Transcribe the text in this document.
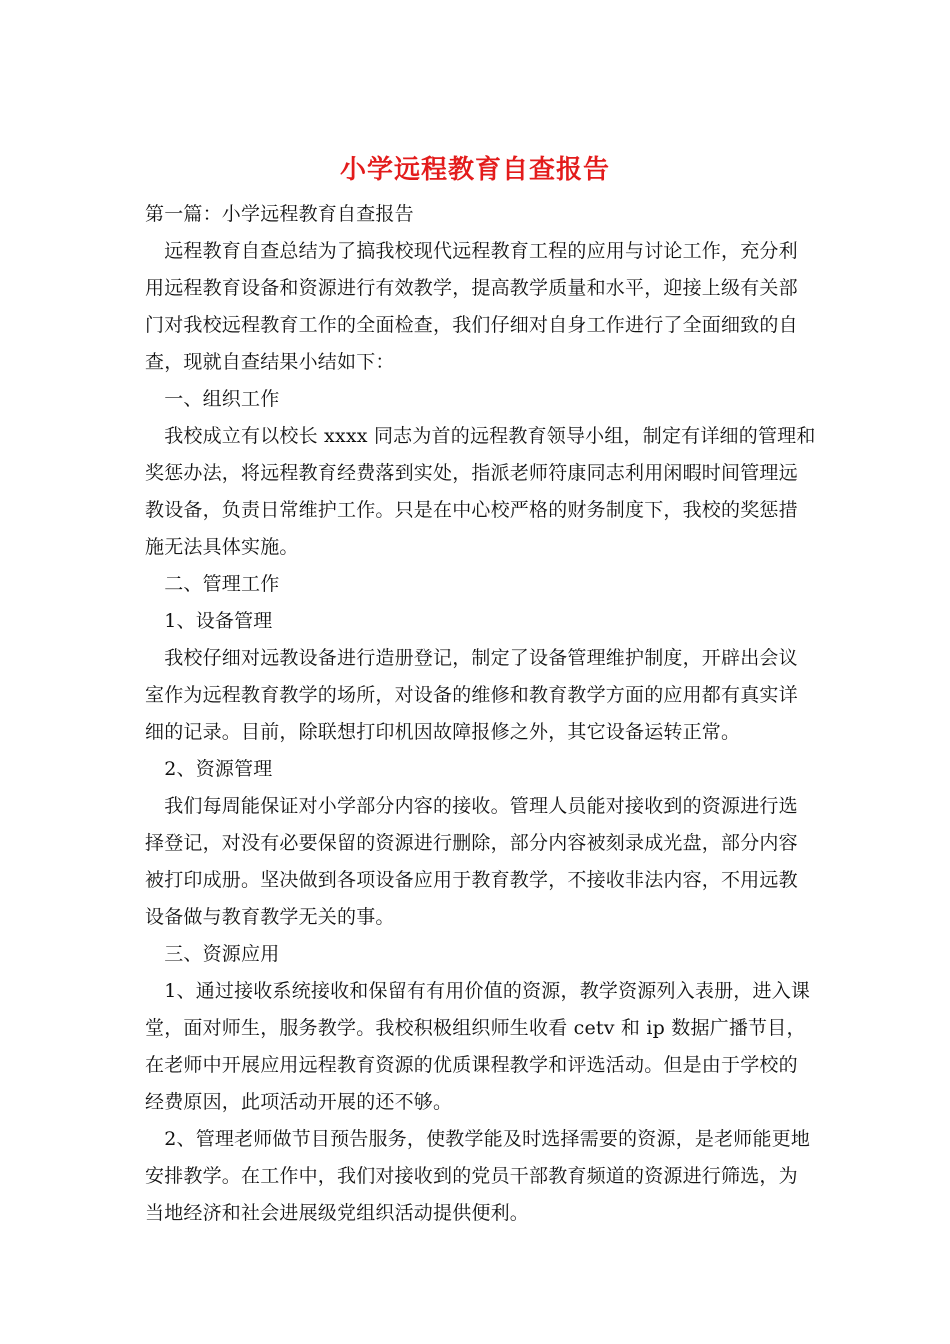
小学远程教育自查报告
第一篇：小学远程教育自查报告
　远程教育自查总结为了搞我校现代远程教育工程的应用与讨论工作，充分利
用远程教育设备和资源进行有效教学，提高教学质量和水平，迎接上级有关部
门对我校远程教育工作的全面检查，我们仔细对自身工作进行了全面细致的自
查，现就自查结果小结如下：
　一、组织工作
　我校成立有以校长 xxxx 同志为首的远程教育领导小组，制定有详细的管理和
奖惩办法，将远程教育经费落到实处，指派老师符康同志利用闲暇时间管理远
教设备，负责日常维护工作。只是在中心校严格的财务制度下，我校的奖惩措
施无法具体实施。
　二、管理工作
　1、设备管理
　我校仔细对远教设备进行造册登记，制定了设备管理维护制度，开辟出会议
室作为远程教育教学的场所，对设备的维修和教育教学方面的应用都有真实详
细的记录。目前，除联想打印机因故障报修之外，其它设备运转正常。
　2、资源管理
　我们每周能保证对小学部分内容的接收。管理人员能对接收到的资源进行选
择登记，对没有必要保留的资源进行删除，部分内容被刻录成光盘，部分内容
被打印成册。坚决做到各项设备应用于教育教学，不接收非法内容，不用远教
设备做与教育教学无关的事。
　三、资源应用
　1、通过接收系统接收和保留有有用价值的资源，教学资源列入表册，进入课
堂，面对师生，服务教学。我校积极组织师生收看 cetv 和 ip 数据广播节目，
在老师中开展应用远程教育资源的优质课程教学和评选活动。但是由于学校的
经费原因，此项活动开展的还不够。
　2、管理老师做节目预告服务，使教学能及时选择需要的资源，是老师能更地
安排教学。在工作中，我们对接收到的党员干部教育频道的资源进行筛选，为
当地经济和社会进展级党组织活动提供便利。
